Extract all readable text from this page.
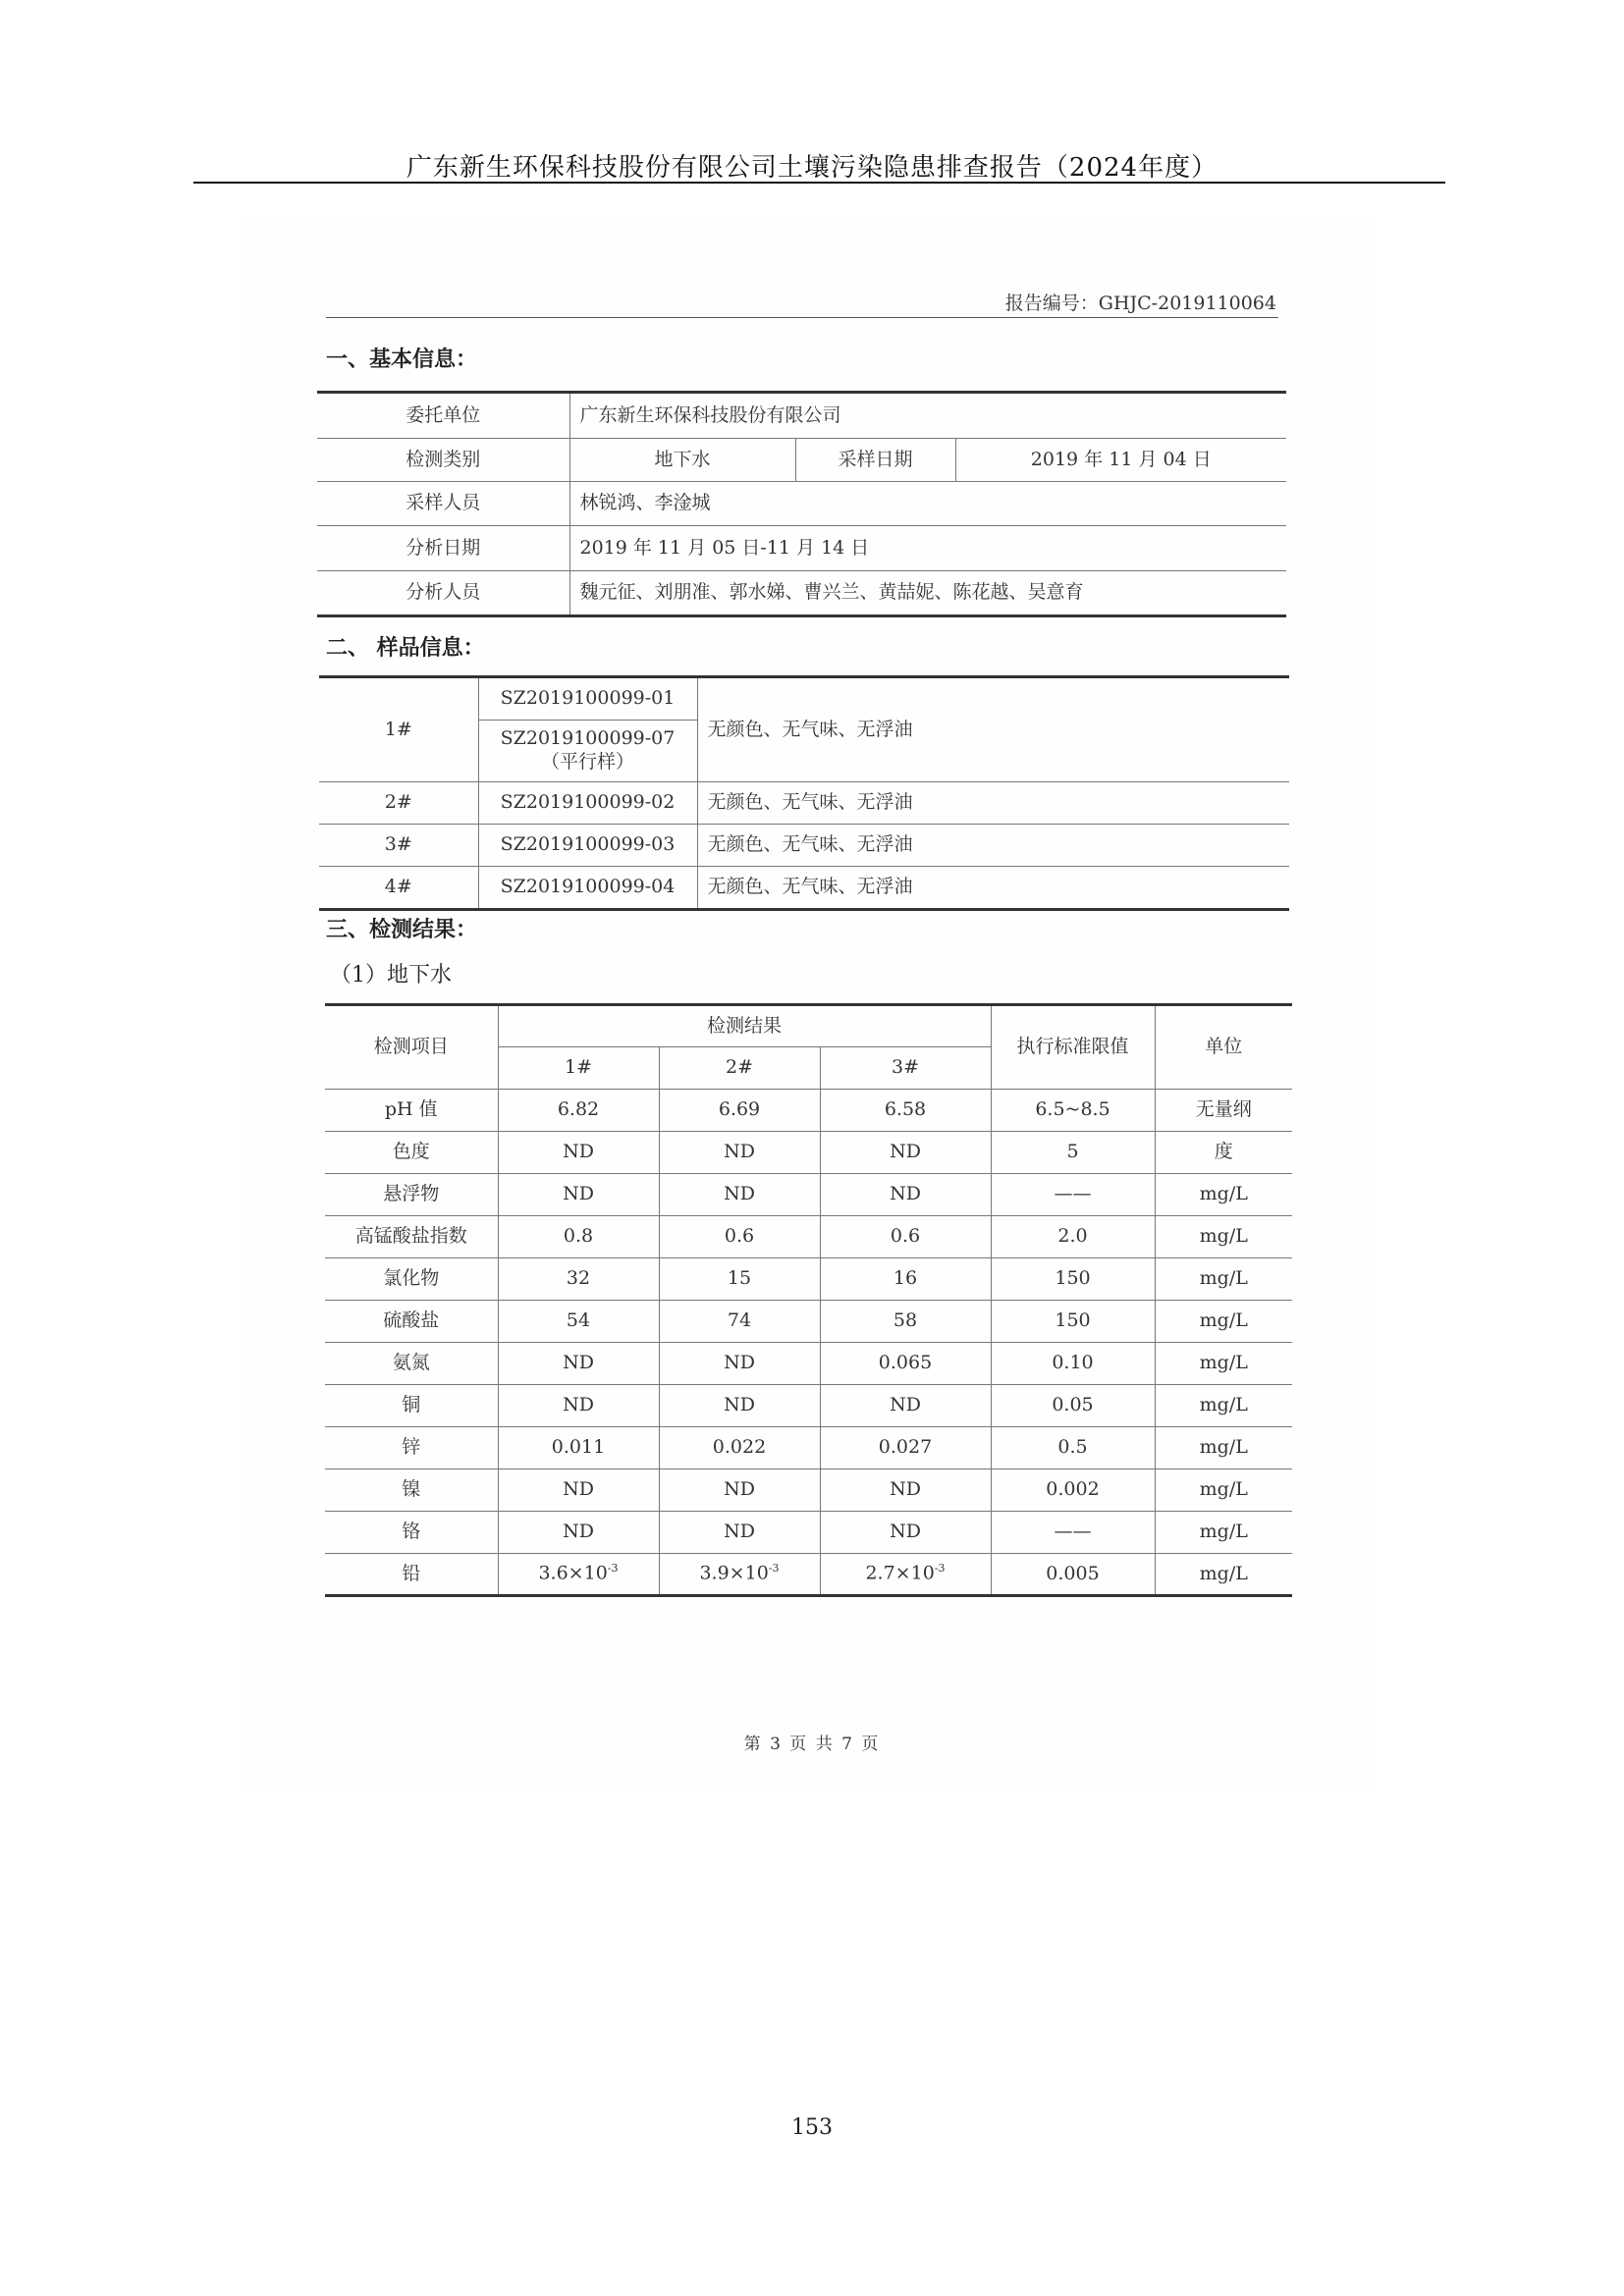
广东新生环保科技股份有限公司土壤污染隐患排查报告（2024年度）
报告编号：GHJC-2019110064
一、基本信息：
委托单位	广东新生环保科技股份有限公司		
检测类别	地下水	采样日期	2019 年 11 月 04 日
采样人员	林锐鸿、李淦城		
分析日期	2019 年 11 月 05 日-11 月 14 日		
分析人员	魏元征、刘朋准、郭水娣、曹兴兰、黄喆妮、陈花越、吴意育		
二、 样品信息：
1#	SZ2019100099-01	无颜色、无气味、无浮油

	SZ2019100099-07
（平行样）	

2#	SZ2019100099-02	无颜色、无气味、无浮油
3#	SZ2019100099-03	无颜色、无气味、无浮油
4#	SZ2019100099-04	无颜色、无气味、无浮油
三、检测结果：
（1）地下水
检测项目	检测结果			执行标准限值	单位
	1#	2#	3#		
pH 值	6.82	6.69	6.58	6.5~8.5	无量纲
色度	ND	ND	ND	5	度
悬浮物	ND	ND	ND	——	mg/L
高锰酸盐指数	0.8	0.6	0.6	2.0	mg/L
氯化物	32	15	16	150	mg/L
硫酸盐	54	74	58	150	mg/L
氨氮	ND	ND	0.065	0.10	mg/L
铜	ND	ND	ND	0.05	mg/L
锌	0.011	0.022	0.027	0.5	mg/L
镍	ND	ND	ND	0.002	mg/L
铬	ND	ND	ND	——	mg/L
铅	$3.6\times 10^{-3}$	$3.9\times 10^{-3}$	$2.7\times 10^{-3}$	0.005	mg/L
第 3 页 共 7 页
153
